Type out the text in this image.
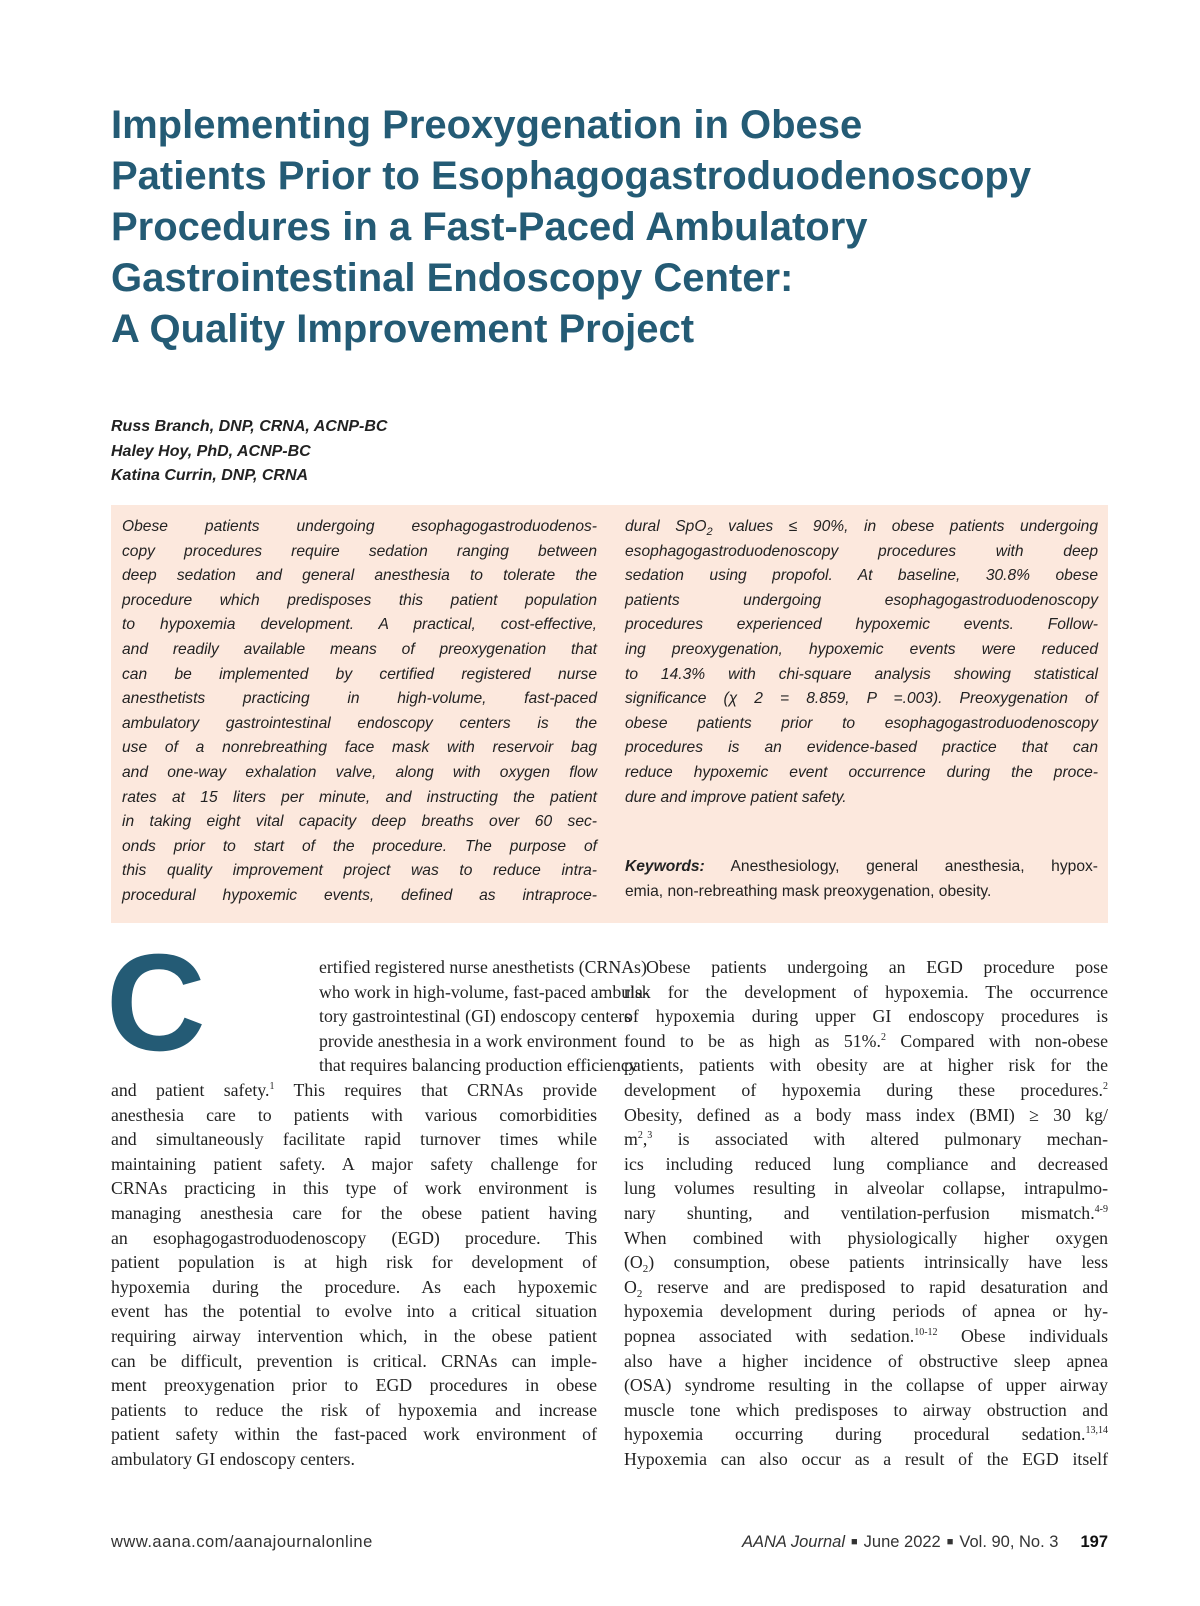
Implementing Preoxygenation in Obese
Patients Prior to Esophagogastroduodenoscopy
Procedures in a Fast-Paced Ambulatory
Gastrointestinal Endoscopy Center:
A Quality Improvement Project
Russ Branch, DNP, CRNA, ACNP-BC
Haley Hoy, PhD, ACNP-BC
Katina Currin, DNP, CRNA
Obese patients undergoing esophagogastroduodenos-
copy procedures require sedation ranging between
deep sedation and general anesthesia to tolerate the
procedure which predisposes this patient population
to hypoxemia development. A practical, cost-effective,
and readily available means of preoxygenation that
can be implemented by certified registered nurse
anesthetists practicing in high-volume, fast-paced
ambulatory gastrointestinal endoscopy centers is the
use of a nonrebreathing face mask with reservoir bag
and one-way exhalation valve, along with oxygen flow
rates at 15 liters per minute, and instructing the patient
in taking eight vital capacity deep breaths over 60 sec-
onds prior to start of the procedure. The purpose of
this quality improvement project was to reduce intra-
procedural hypoxemic events, defined as intraproce-
dural SpO$_2$ values ≤ 90%, in obese patients undergoing
esophagogastroduodenoscopy procedures with deep
sedation using propofol. At baseline, 30.8% obese
patients undergoing esophagogastroduodenoscopy
procedures experienced hypoxemic events. Follow-
ing preoxygenation, hypoxemic events were reduced
to 14.3% with chi-square analysis showing statistical
significance (χ 2 = 8.859, P =.003). Preoxygenation of
obese patients prior to esophagogastroduodenoscopy
procedures is an evidence-based practice that can
reduce hypoxemic event occurrence during the proce-
dure and improve patient safety.
Keywords: Anesthesiology, general anesthesia, hypox-
emia, non-rebreathing mask preoxygenation, obesity.
C	ertified registered nurse anesthetists (CRNAs)
who work in high-volume, fast-paced ambula-
tory gastrointestinal (GI) endoscopy centers
provide anesthesia in a work environment
that requires balancing production efficiency
and patient safety.$^1$ This requires that CRNAs provide
anesthesia care to patients with various comorbidities
and simultaneously facilitate rapid turnover times while
maintaining patient safety. A major safety challenge for
CRNAs practicing in this type of work environment is
managing anesthesia care for the obese patient having
an esophagogastroduodenoscopy (EGD) procedure. This
patient population is at high risk for development of
hypoxemia during the procedure. As each hypoxemic
event has the potential to evolve into a critical situation
requiring airway intervention which, in the obese patient
can be difficult, prevention is critical. CRNAs can imple-
ment preoxygenation prior to EGD procedures in obese
patients to reduce the risk of hypoxemia and increase
patient safety within the fast-paced work environment of
ambulatory GI endoscopy centers.
Obese patients undergoing an EGD procedure pose
risk for the development of hypoxemia. The occurrence
of hypoxemia during upper GI endoscopy procedures is
found to be as high as 51%.$^2$ Compared with non-obese
patients, patients with obesity are at higher risk for the
development of hypoxemia during these procedures.$^2$
Obesity, defined as a body mass index (BMI) ≥ 30 kg/
$m^2,^3$ is associated with altered pulmonary mechan-
ics including reduced lung compliance and decreased
lung volumes resulting in alveolar collapse, intrapulmo-
nary shunting, and ventilation-perfusion mismatch.$^{4-9}$
When combined with physiologically higher oxygen
$(O_2)$ consumption, obese patients intrinsically have less
$O_2$ reserve and are predisposed to rapid desaturation and
hypoxemia development during periods of apnea or hy-
popnea associated with sedation.$^{10-12}$ Obese individuals
also have a higher incidence of obstructive sleep apnea
(OSA) syndrome resulting in the collapse of upper airway
muscle tone which predisposes to airway obstruction and
hypoxemia occurring during procedural sedation.$^{13,14}$
Hypoxemia can also occur as a result of the EGD itself
www.aana.com/aanajournalonline	AANA Journal ■ June 2022 ■ Vol. 90, No. 3 197
